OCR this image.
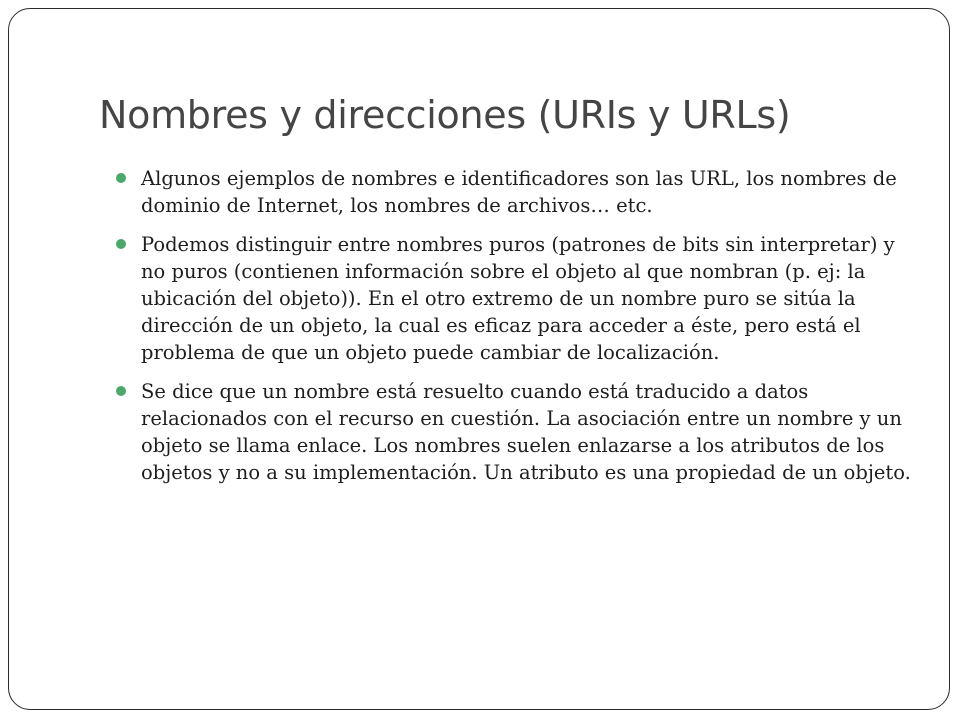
Nombres y direcciones (URIs y URLs)
Algunos ejemplos de nombres e identificadores son las URL, los nombres de dominio de Internet, los nombres de archivos… etc.
Podemos distinguir entre nombres puros (patrones de bits sin interpretar) y no puros (contienen información sobre el objeto al que nombran (p. ej: la ubicación del objeto)). En el otro extremo de un nombre puro se sitúa la dirección de un objeto, la cual es eficaz para acceder a éste, pero está el problema de que un objeto puede cambiar de localización.
Se dice que un nombre está resuelto cuando está traducido a datos relacionados con el recurso en cuestión. La asociación entre un nombre y un objeto se llama enlace. Los nombres suelen enlazarse a los atributos de los objetos y no a su implementación. Un atributo es una propiedad de un objeto.
